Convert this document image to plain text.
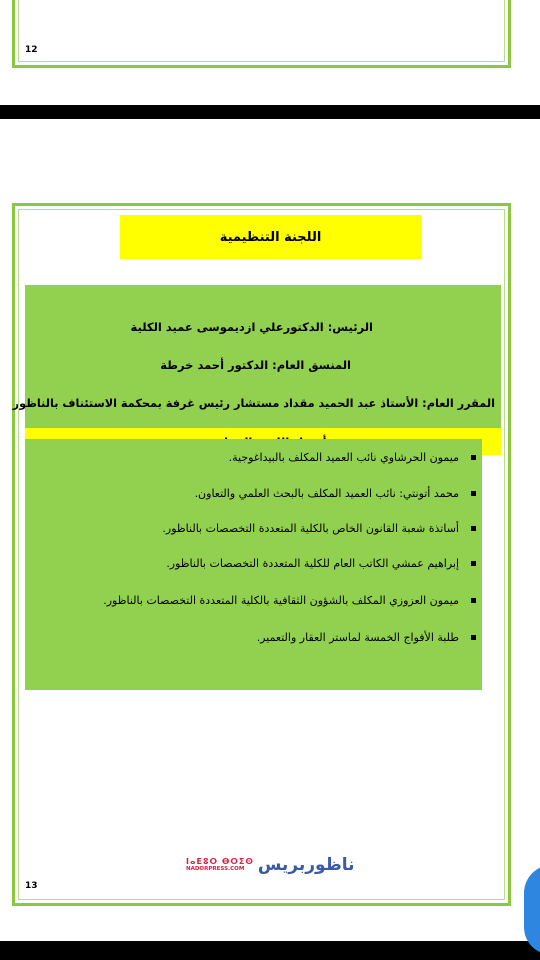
12
اللجنة التنظيمية
الرئيس: الدكتورعلي ازديموسى عميد الكلية
المنسق العام: الدكتور أحمد خرطة
المقرر العام: الأستاذ عبد الحميد مقداد مستشار رئيس غرفة بمحكمة الاستئناف بالناظور
ميمون الحرشاوي نائب العميد المكلف بالبيداغوجية.
محمد أتونتي: نائب العميد المكلف بالبحث العلمي والتعاون.
أساتذة شعبة القانون الخاص بالكلية المتعددة التخصصات بالناظور.
إبراهيم عمشي الكاتب العام للكلية المتعددة التخصصات بالناظور.
ميمون العزوزي المكلف بالشؤون الثقافية بالكلية المتعددة التخصصات بالناظور.
طلبة الأفواج الخمسة لماستر العقار والتعمير.
ⵏⴰⴹⵓⵔ ⴱⵔⵉⵙ
NADORPRESS.COM ناظوربريس
13
